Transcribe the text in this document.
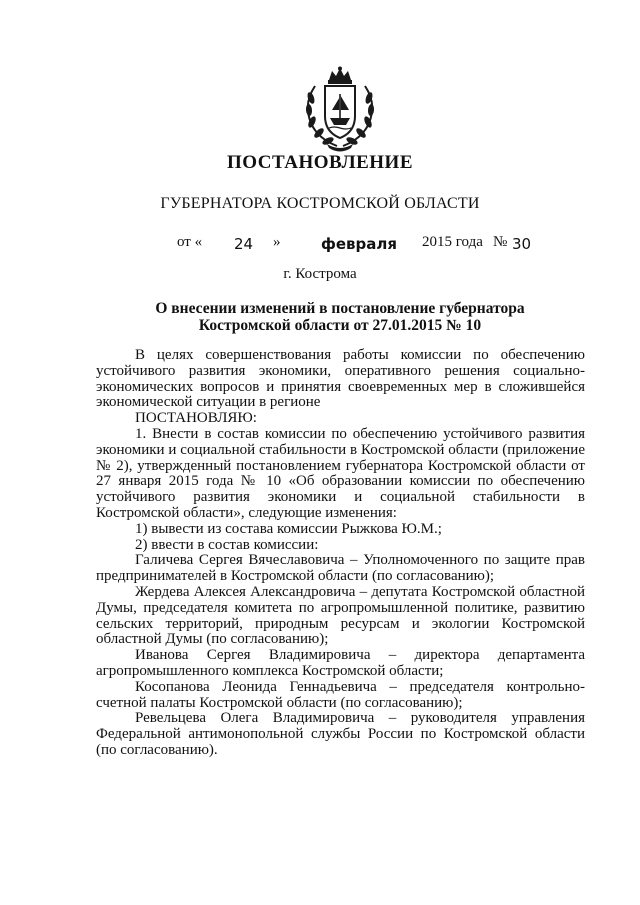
ПОСТАНОВЛЕНИЕ
ГУБЕРНАТОРА КОСТРОМСКОЙ ОБЛАСТИ
от « 24 »	февраля 2015 года № 30
г. Кострома
О внесении изменений в постановление губернатора Костромской области от 27.01.2015 № 10

В целях совершенствования работы комиссии по обеспечению устойчивого развития экономики, оперативного решения социально-экономических вопросов и принятия своевременных мер в сложившейся экономической ситуации в регионе

ПОСТАНОВЛЯЮ:

1. Внести в состав комиссии по обеспечению устойчивого развития экономики и социальной стабильности в Костромской области (приложение № 2), утвержденный постановлением губернатора Костромской области от 27 января 2015 года № 10 «Об образовании комиссии по обеспечению устойчивого развития экономики и социальной стабильности в Костромской области», следующие изменения:

1) вывести из состава комиссии Рыжкова Ю.М.;

2) ввести в состав комиссии:

Галичева Сергея Вячеславовича – Уполномоченного по защите прав предпринимателей в Костромской области (по согласованию);

Жердева Алексея Александровича – депутата Костромской областной Думы, председателя комитета по агропромышленной политике, развитию сельских территорий, природным ресурсам и экологии Костромской областной Думы (по согласованию);

Иванова Сергея Владимировича – директора департамента агропромышленного комплекса Костромской области;

Коcопанова Леонида Геннадьевича – председателя контрольно-счетной палаты Костромской области (по согласованию);

Ревельцева Олега Владимировича – руководителя управления Федеральной антимонопольной службы России по Костромской области (по согласованию).
